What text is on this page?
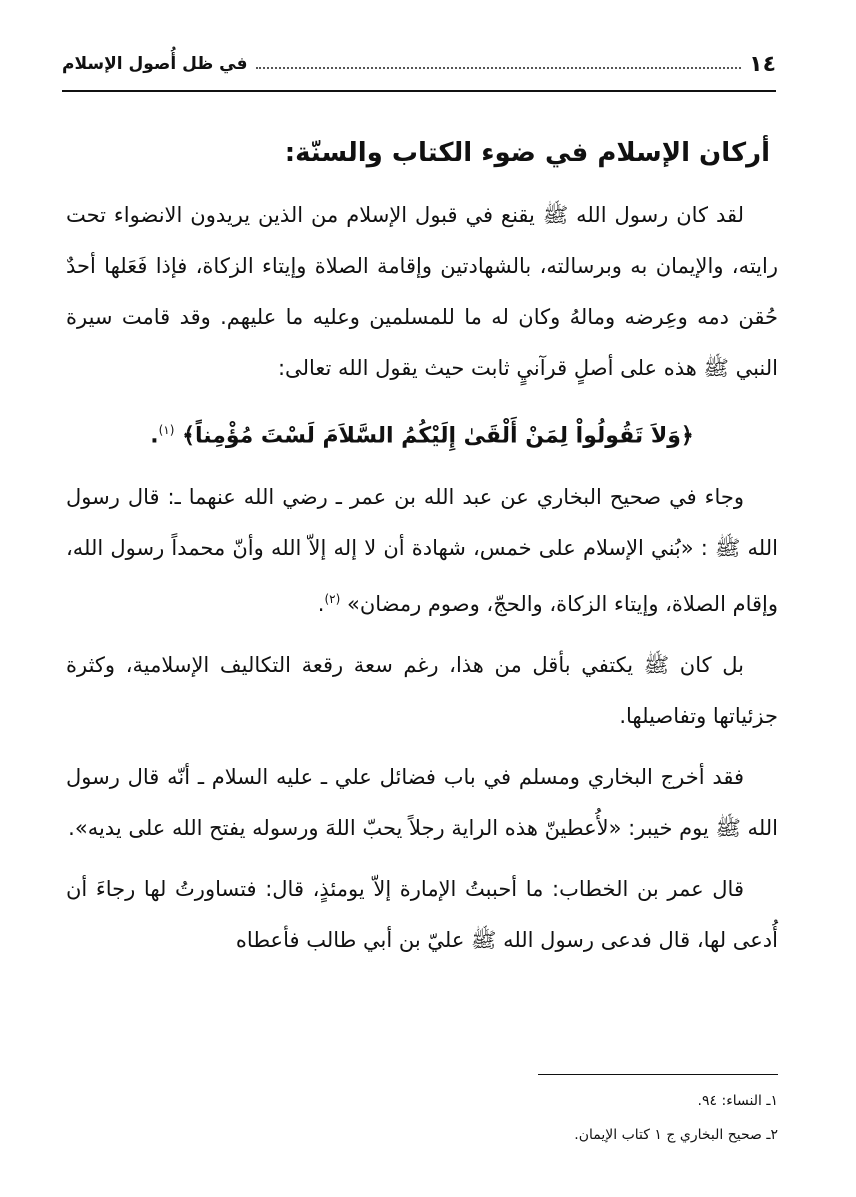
١٤
في ظل أُصول الإسلام
أركان الإسلام في ضوء الكتاب والسنّة:

لقد كان رسول الله ﷺ يقنع في قبول الإسلام من الذين يريدون الانضواء تحت رايته، والإيمان به وبرسالته، بالشهادتين وإقامة الصلاة وإيتاء الزكاة، فإذا فَعَلها أحدٌ حُقن دمه وعِرضه ومالهُ وكان له ما للمسلمين وعليه ما عليهم. وقد قامت سيرة النبي ﷺ هذه على أصلٍ قرآنيٍ ثابت حيث يقول الله تعالى:

﴿وَلاَ تَقُولُواْ لِمَنْ أَلْقَىٰ إِلَيْكُمُ السَّلاَمَ لَسْتَ مُؤْمِناً﴾ $^{(١)}$.

وجاء في صحيح البخاري عن عبد الله بن عمر ـ رضي الله عنهما ـ: قال رسول الله ﷺ : «بُني الإسلام على خمس، شهادة أن لا إله إلاّ الله وأنّ محمداً رسول الله، وإقام الصلاة، وإيتاء الزكاة، والحجّ، وصوم رمضان» $^{(٢)}$.

بل كان ﷺ يكتفي بأقل من هذا، رغم سعة رقعة التكاليف الإسلامية، وكثرة جزئياتها وتفاصيلها.

فقد أخرج البخاري ومسلم في باب فضائل علي ـ عليه السلام ـ أنّه قال رسول الله ﷺ يوم خيبر: «لأُعطينّ هذه الراية رجلاً يحبّ اللهَ ورسوله يفتح الله على يديه».

قال عمر بن الخطاب: ما أحببتُ الإمارة إلاّ يومئذٍ، قال: فتساورتُ لها رجاءَ أن أُدعى لها، قال فدعى رسول الله ﷺ عليّ بن أبي طالب فأعطاه

١ـ النساء: ٩٤.

٢ـ صحيح البخاري ج ١ كتاب الإيمان.
